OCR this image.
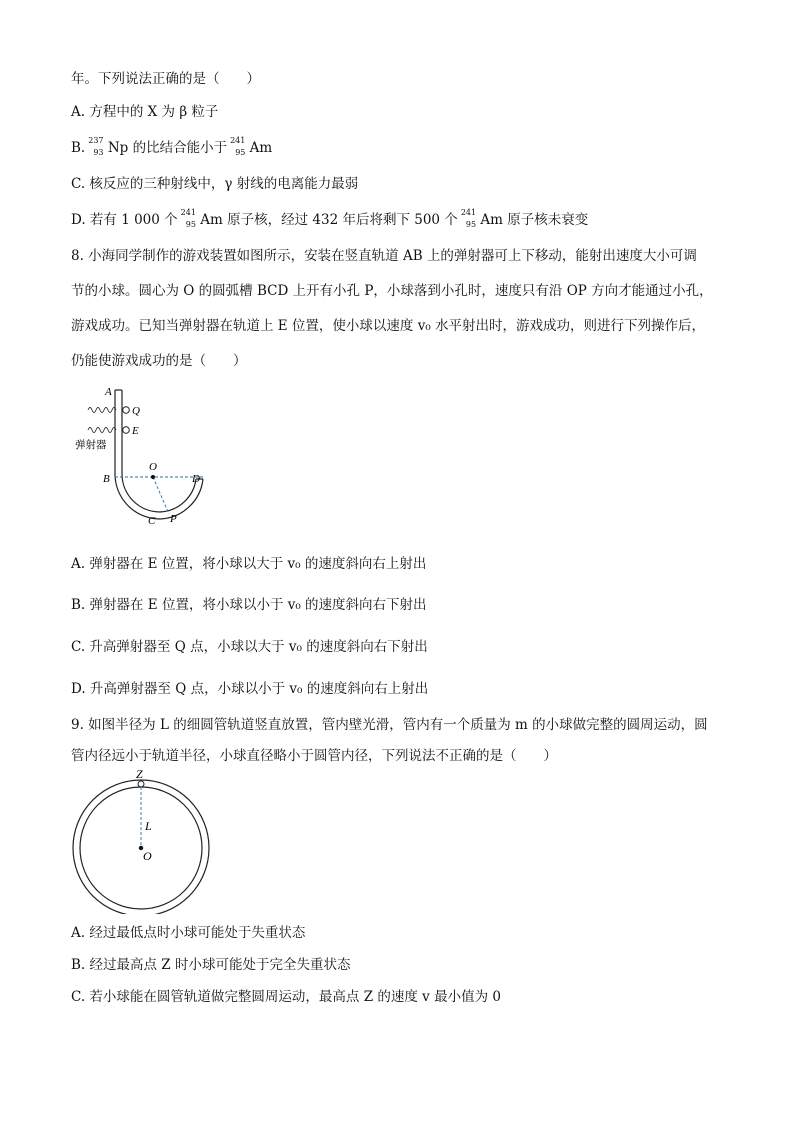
年。下列说法正确的是（　　）
A. 方程中的 X 为 β 粒子
B.
237
93 Np 的比结合能小于
241
95 Am
C. 核反应的三种射线中，γ 射线的电离能力最弱
D. 若有 1 000 个
241
95 Am 原子核，经过 432 年后将剩下 500 个
241
95 Am 原子核未衰变
8. 小海同学制作的游戏装置如图所示，安装在竖直轨道 AB 上的弹射器可上下移动，能射出速度大小可调
节的小球。圆心为 O 的圆弧槽 BCD 上开有小孔 P，小球落到小孔时，速度只有沿 OP 方向才能通过小孔，
游戏成功。已知当弹射器在轨道上 E 位置，使小球以速度 v₀ 水平射出时，游戏成功，则进行下列操作后，
仍能使游戏成功的是（　　）
A
Q
E
弹射器
O
B	D
C P
A. 弹射器在 E 位置，将小球以大于 v₀ 的速度斜向右上射出
B. 弹射器在 E 位置，将小球以小于 v₀ 的速度斜向右下射出
C. 升高弹射器至 Q 点，小球以大于 v₀ 的速度斜向右下射出
D. 升高弹射器至 Q 点，小球以小于 v₀ 的速度斜向右上射出
9. 如图半径为 L 的细圆管轨道竖直放置，管内壁光滑，管内有一个质量为 m 的小球做完整的圆周运动，圆
管内径远小于轨道半径，小球直径略小于圆管内径，下列说法不正确的是（　　）
Z
L
O
A. 经过最低点时小球可能处于失重状态
B. 经过最高点 Z 时小球可能处于完全失重状态
C. 若小球能在圆管轨道做完整圆周运动，最高点 Z 的速度 v 最小值为 0
